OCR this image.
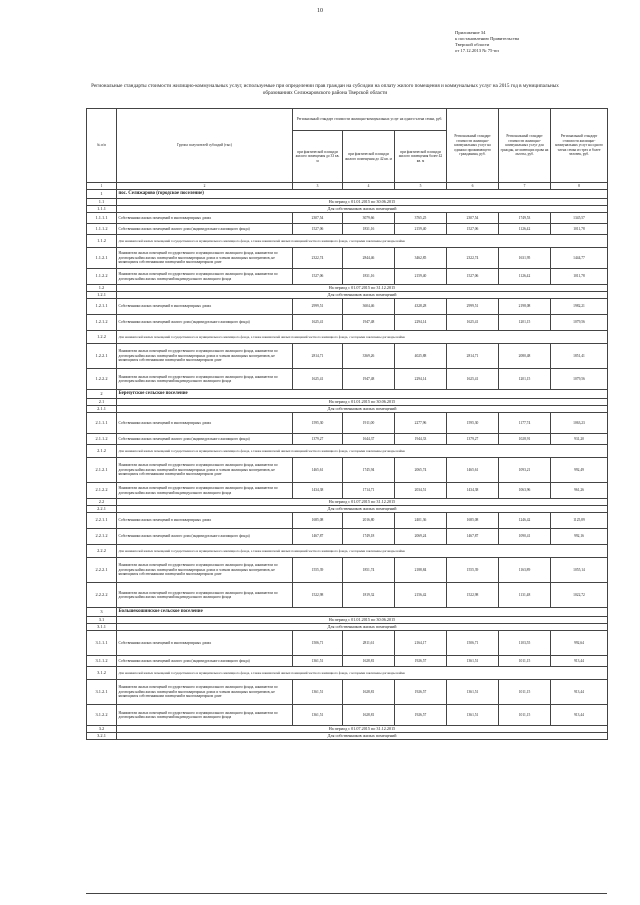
10
Приложение 34
к постановлению Правительства
Тверской области
от 17.12.2013 № 75-пп
Региональные стандарты стоимости жилищно-коммунальных услуг, используемые при определении прав граждан на субсидии на оплату жилого помещения и коммунальных услуг на 2015 год в муниципальных образованиях Селижаровского района Тверской области
№ п/п	Группа получателей субсидий (тыс)	Региональный стандарт стоимости жилищно-коммунальных услуг на одного члена семьи, руб.			Региональный стандарт стоимости жилищно-коммунальных услуг на одиноко проживающего гражданина, руб.	Региональный стандарт стоимости жилищно-коммунальных услуг для граждан, не имеющих права на льготы, руб.	Региональный стандарт стоимости жилищно-коммунальных услуг на одного члена семьи из трех и более человек, руб.
		при фактической площади жилого помещения до 33 кв. м	при фактической площади жилого помещения до 42 кв. м	при фактической площади жилого помещения более 42 кв. м			
1	2	3	4	5	6	7	8
1	пос. Селижарово (городское поселение)						
1.1	На период с 01.01.2015 по 30.06.2015						
1.1.1	Для собственников жилых помещений						
1.1.1.1	Собственники жилых помещений в многоквартирных домах	2307,54	3079,66	3765,25	2307,54	1749,53	1345,57
1.1.1.2	Собственники жилых помещений жилого дома (индивидуального жилищного фонда)	1527,06	1831,16	2159,40	1527,06	1126,42	1011,78
1.1.2	Для нанимателей жилых помещений государственного и муниципального жилищного фонда, а также нанимателей жилых помещений частного жилищного фонда, с которыми заключены договоры найма						
1.1.2.1	Наниматели жилых помещений государственного и муниципального жилищного фонда, наниматели по договорам найма жилых помещений в многоквартирных домах и членам жилищных кооперативов, не являющимся собственниками помещений в многоквартирном доме	2322,74	2844,46	3462,85	2322,74	1631,95	1444,77
1.1.2.2	Наниматели жилых помещений государственного и муниципального жилищного фонда, наниматели по договорам найма жилых помещений индивидуального жилищного фонда	1527,06	1831,16	2159,40	1527,06	1126,42	1011,78
1.2	На период с 01.07.2015 по 31.12.2015						
1.2.1	Для собственников жилых помещений						
1.2.1.1	Собственники жилых помещений в многоквартирных домах	2999,51	3604,46	4328,28	2999,51	2198,08	1982,21
1.2.1.2	Собственники жилых помещений жилого дома (индивидуального жилищного фонда)	1625,41	1947,48	2294,14	1625,41	1201,15	1079,56
1.2.2	Для нанимателей жилых помещений государственного и муниципального жилищного фонда, а также нанимателей жилых помещений частного жилищного фонда, с которыми заключены договоры найма						
1.2.2.1	Наниматели жилых помещений государственного и муниципального жилищного фонда, наниматели по договорам найма жилых помещений в многоквартирных домах и членам жилищных кооперативов, не являющимся собственниками помещений в многоквартирном доме	2814,71	3369,26	4025,88	2814,71	2080,48	1851,41
1.2.2.2	Наниматели жилых помещений государственного и муниципального жилищного фонда, наниматели по договорам найма жилых помещений индивидуального жилищного фонда	1625,41	1947,48	2294,14	1625,41	1201,15	1079,56
2	Березугское сельское поселение						
2.1	На период с 01.01.2015 по 30.06.2015						
2.1.1	Для собственников жилых помещений						
2.1.1.1	Собственники жилых помещений в многоквартирных домах	1595,30	1911,00	2277,96	1595,30	1177,74	1063,23
2.1.1.2	Собственники жилых помещений жилого дома (индивидуального жилищного фонда)	1379,27	1644,37	1944,33	1379,27	1028,91	931,20
2.1.2	Для нанимателей жилых помещений государственного и муниципального жилищного фонда, а также нанимателей жилых помещений частного жилищного фонда, с которыми заключены договоры найма						
2.1.2.1	Наниматели жилых помещений государственного и муниципального жилищного фонда, наниматели по договорам найма жилых помещений в многоквартирных домах и членам жилищных кооперативов, не являющимся собственниками помещений в многоквартирном доме	1465,61	1745,94	2065,74	1465,61	1093,21	992,49
2.1.2.2	Наниматели жилых помещений государственного и муниципального жилищного фонда, наниматели по договорам найма жилых помещений индивидуального жилищного фонда	1434,38	1714,71	2034,51	1434,38	1063,96	961,26
2.2	На период с 01.07.2015 по 31.12.2015						
2.2.1	Для собственников жилых помещений						
2.2.1.1	Собственники жилых помещений в многоквартирных домах	1685,08	2016,80	2401,36	1685,08	1246,42	1125,89
2.2.1.2	Собственники жилых помещений жилого дома (индивидуального жилищного фонда)	1467,87	1749,18	2069,24	1467,87	1090,41	992,16
2.2.2	Для нанимателей жилых помещений государственного и муниципального жилищного фонда, а также нанимателей жилых помещений частного жилищного фонда, с которыми заключены договоры найма						
2.2.2.1	Наниматели жилых помещений государственного и муниципального жилищного фонда, наниматели по договорам найма жилых помещений в многоквартирных домах и членам жилищных кооперативов, не являющимся собственниками помещений в многоквартирном доме	1555,39	1851,74	2188,84	1555,39	1163,89	1055,14
2.2.2.2	Наниматели жилых помещений государственного и муниципального жилищного фонда, наниматели по договорам найма жилых помещений индивидуального жилищного фонда	1522,98	1819,32	2156,42	1522,98	1131,48	1022,72
3	Большекошинское сельское поселение						
3.1	На период с 01.01.2015 по 30.06.2015						
3.1.1	Для собственников жилых помещений						
3.1.1.1	Собственники жилых помещений в многоквартирных домах	1506,71	2811,61	2164,17	1506,71	1103,55	992,64
3.1.1.2	Собственники жилых помещений жилого дома (индивидуального жилищного фонда)	1361,51	1628,81	1926,57	1361,51	1011,15	913,44
3.1.2	Для нанимателей жилых помещений государственного и муниципального жилищного фонда, а также нанимателей жилых помещений частного жилищного фонда, с которыми заключены договоры найма						
3.1.2.1	Наниматели жилых помещений государственного и муниципального жилищного фонда, наниматели по договорам найма жилых помещений в многоквартирных домах и членам жилищных кооперативов, не являющимся собственниками помещений в многоквартирном доме	1361,51	1628,81	1926,57	1361,51	1011,15	913,44
3.1.2.2	Наниматели жилых помещений государственного и муниципального жилищного фонда, наниматели по договорам найма жилых помещений индивидуального жилищного фонда	1361,51	1628,81	1926,57	1361,51	1011,15	913,44
3.2	На период с 01.07.2015 по 31.12.2015						
3.2.1	Для собственников жилых помещений						
